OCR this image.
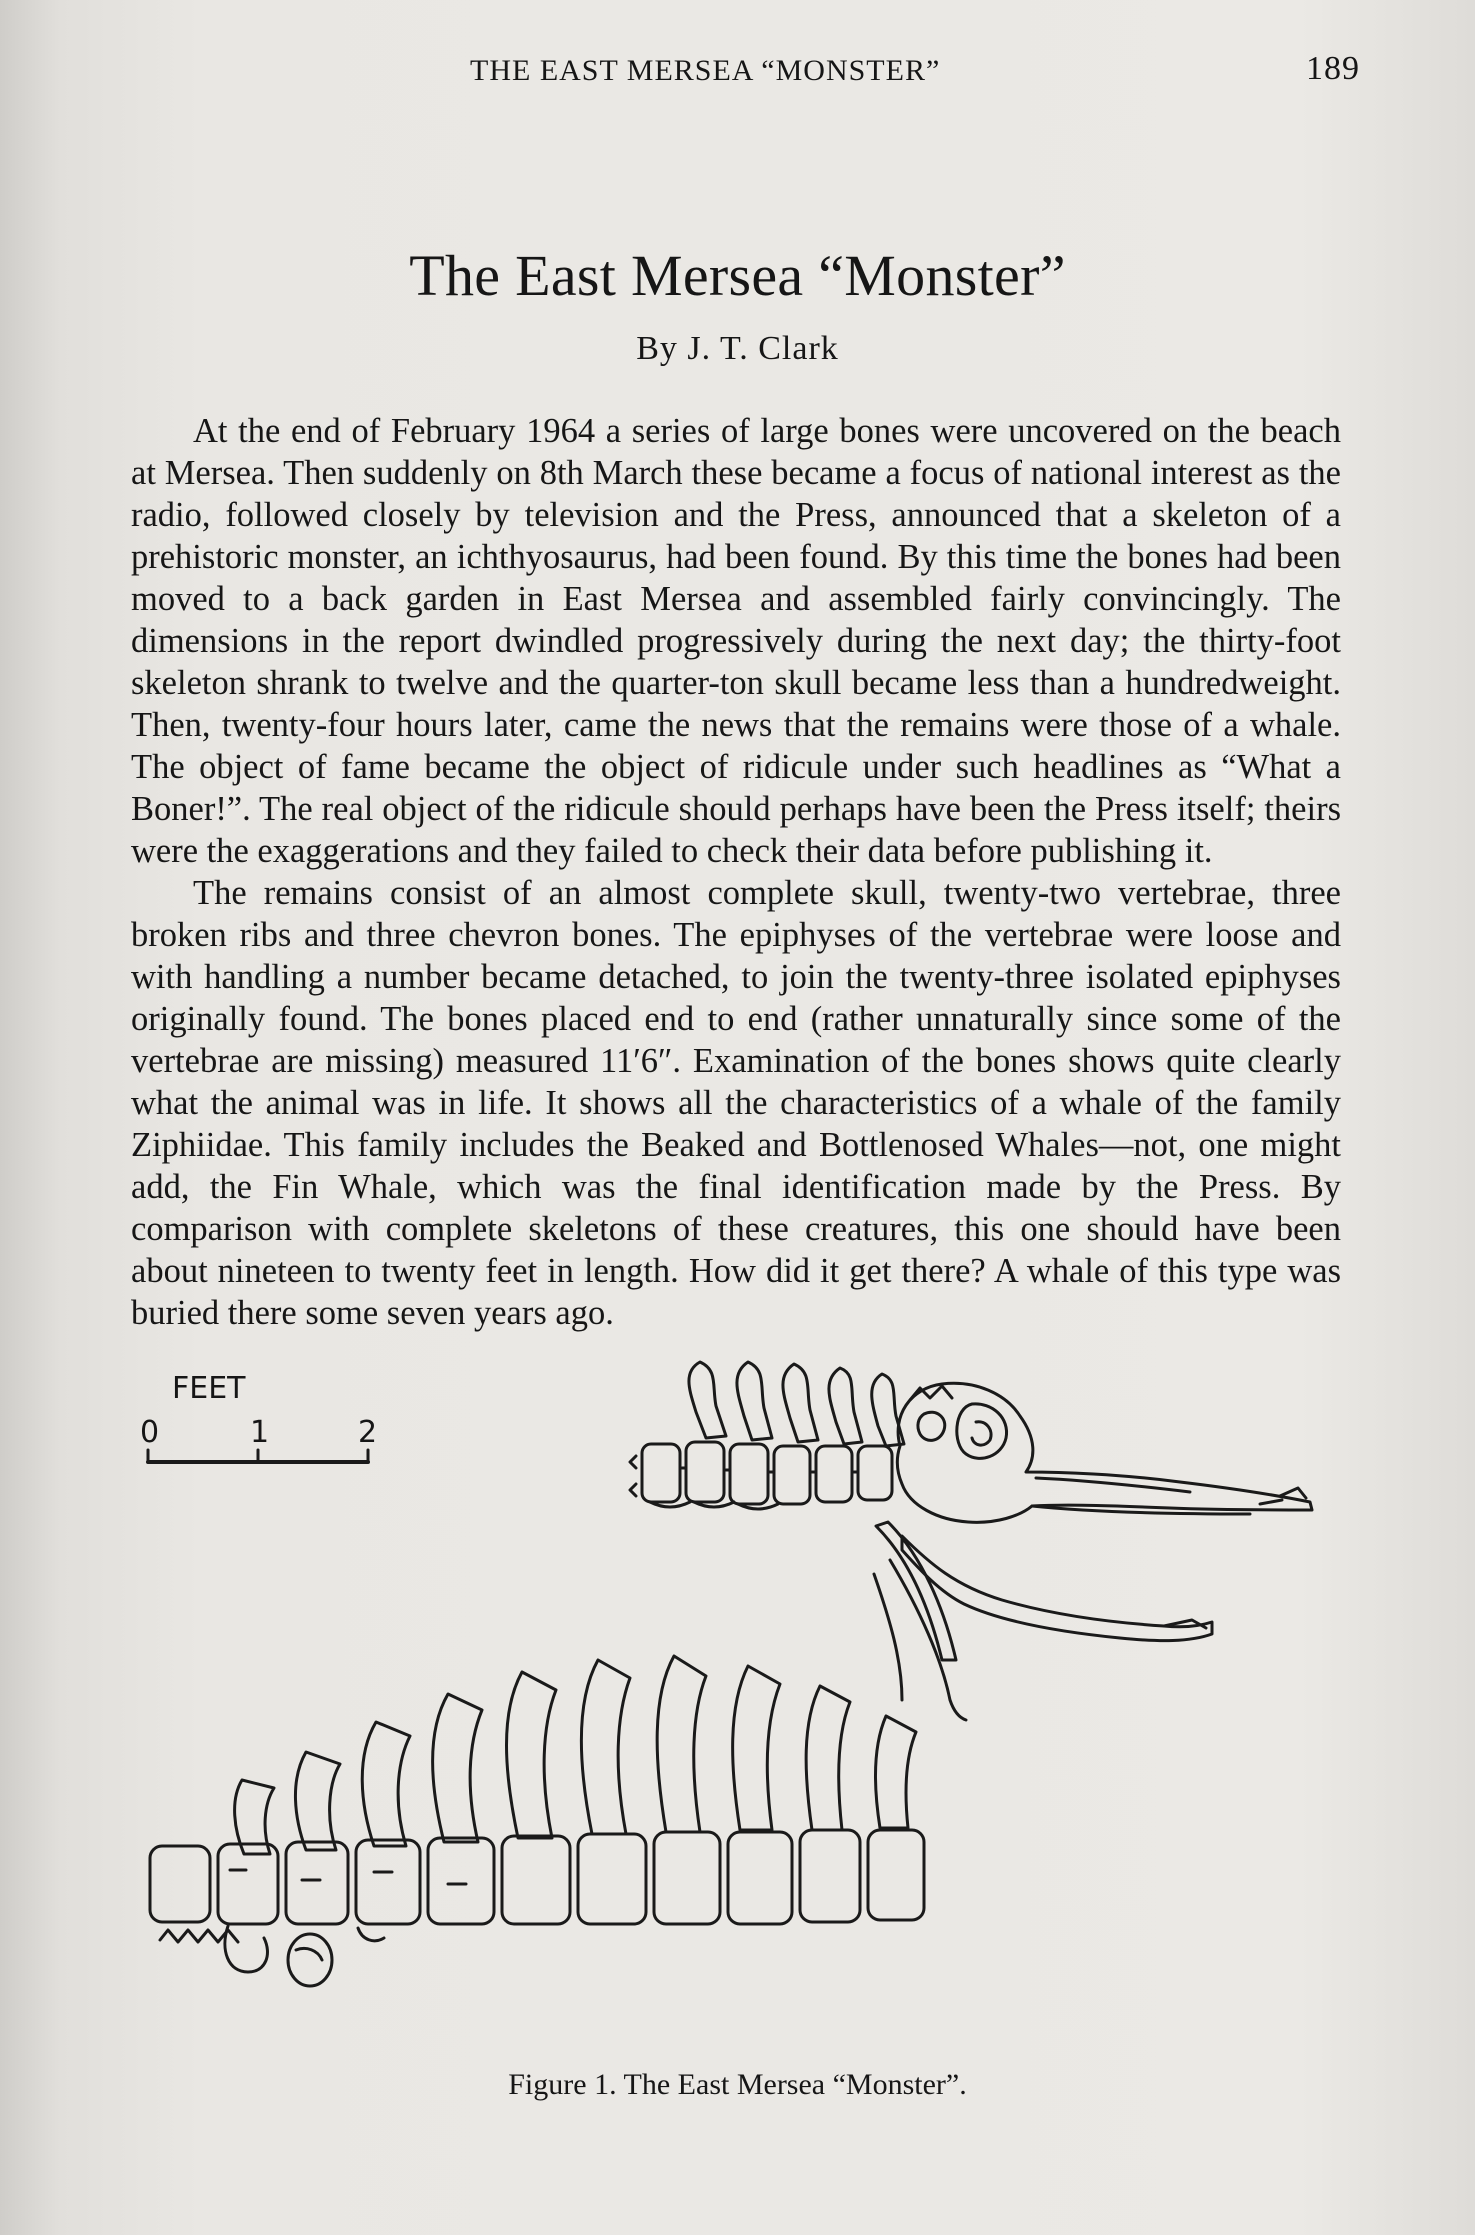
THE EAST MERSEA “MONSTER”	189
The East Mersea “Monster”
By J. T. Clark

At the end of February 1964 a series of large bones were uncovered on the beach at Mersea. Then suddenly on 8th March these became a focus of national interest as the radio, followed closely by television and the Press, announced that a skeleton of a prehistoric monster, an ichthyosaurus, had been found. By this time the bones had been moved to a back garden in East Mersea and assembled fairly convincingly. The dimensions in the report dwindled progressively during the next day; the thirty-foot skeleton shrank to twelve and the quarter-ton skull became less than a hundredweight. Then, twenty-four hours later, came the news that the remains were those of a whale. The object of fame became the object of ridicule under such headlines as “What a Boner!”. The real object of the ridicule should perhaps have been the Press itself; theirs were the exaggerations and they failed to check their data before publishing it.

The remains consist of an almost complete skull, twenty-two vertebrae, three broken ribs and three chevron bones. The epiphyses of the vertebrae were loose and with handling a number became detached, to join the twenty-three isolated epiphyses originally found. The bones placed end to end (rather unnaturally since some of the vertebrae are missing) measured 11′6″. Examination of the bones shows quite clearly what the animal was in life. It shows all the characteristics of a whale of the family Ziphiidae. This family includes the Beaked and Bottlenosed Whales—not, one might add, the Fin Whale, which was the final identification made by the Press. By comparison with complete skeletons of these creatures, this one should have been about nineteen to twenty feet in length. How did it get there? A whale of this type was buried there some seven years ago.

FEET
0	1	2
Figure 1. The East Mersea “Monster”.
